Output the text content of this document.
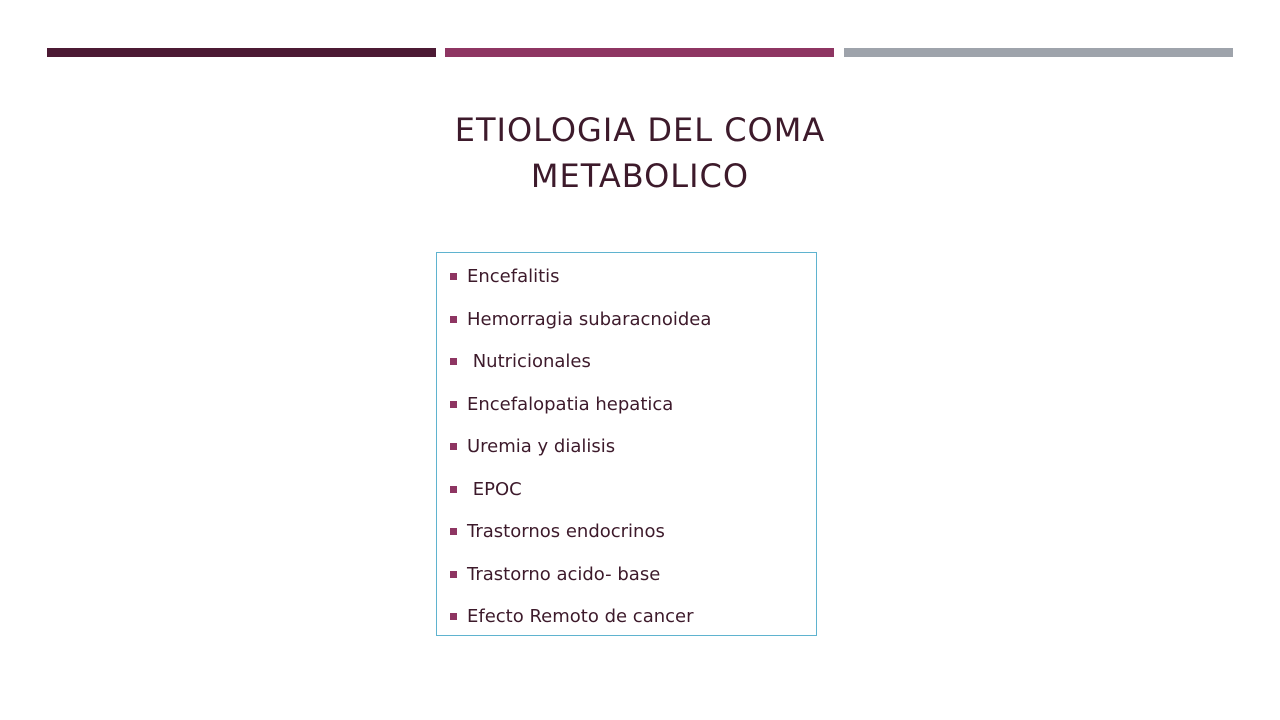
ETIOLOGIA DEL COMA
METABOLICO
Encefalitis
Hemorragia subaracnoidea
Nutricionales
Encefalopatia hepatica
Uremia y dialisis
EPOC
Trastornos endocrinos
Trastorno acido- base
Efecto Remoto de cancer
